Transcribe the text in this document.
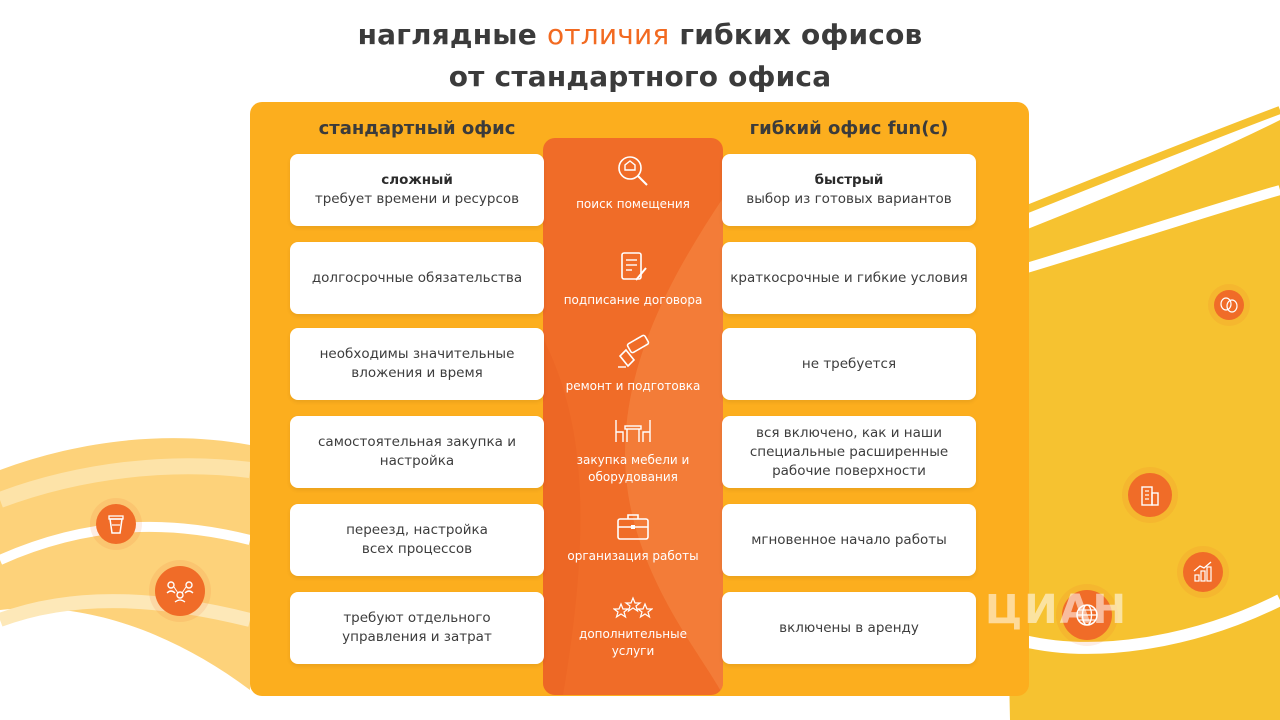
наглядные отличия гибких офисов
от стандартного офиса
стандартный офис	гибкий офис fun(c)
сложный
требует времени и ресурсов
быстрый
выбор из готовых вариантов
поиск помещения
долгосрочные обязательства	краткосрочные и гибкие условия
подписание договора
необходимы значительные вложения и время
не требуется
ремонт и подготовка
самостоятельная закупка и настройка
вся включено, как и наши специальные расширенные рабочие поверхности
закупка мебели и оборудования
переезд, настройка всех процессов
мгновенное начало работы
организация работы
требуют отдельного управления и затрат
включены в аренду
дополнительные услуги
ЦИАН
